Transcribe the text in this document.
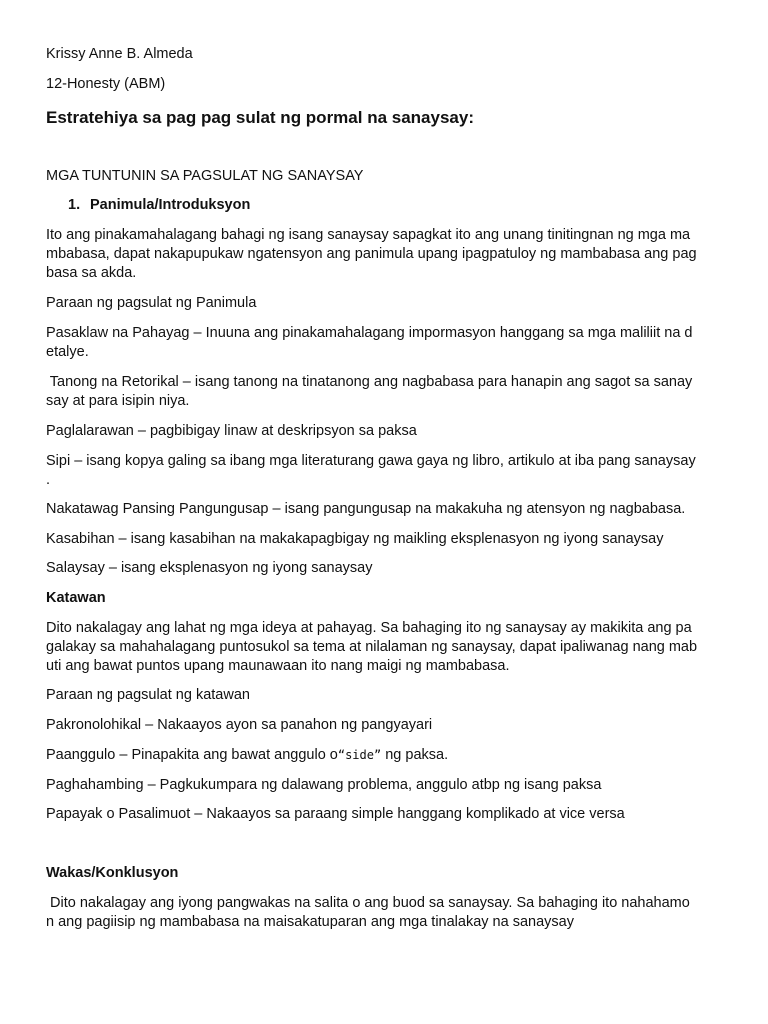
Krissy Anne B. Almeda

12-Honesty (ABM)

Estratehiya sa pag pag sulat ng pormal na sanaysay:

MGA TUNTUNIN SA PAGSULAT NG SANAYSAY

1. Panimula/Introduksyon

Ito ang pinakamahalagang bahagi ng isang sanaysay sapagkat ito ang unang tinitingnan ng mga ma

mbabasa, dapat nakapupukaw ngatensyon ang panimula upang ipagpatuloy ng mambabasa ang pag

basa sa akda.

Paraan ng pagsulat ng Panimula

Pasaklaw na Pahayag – Inuuna ang pinakamahalagang impormasyon hanggang sa mga maliliit na d

etalye.

Tanong na Retorikal – isang tanong na tinatanong ang nagbabasa para hanapin ang sagot sa sanay

say at para isipin niya.

Paglalarawan – pagbibigay linaw at deskripsyon sa paksa

Sipi – isang kopya galing sa ibang mga literaturang gawa gaya ng libro, artikulo at iba pang sanaysay

.

Nakatawag Pansing Pangungusap – isang pangungusap na makakuha ng atensyon ng nagbabasa.

Kasabihan – isang kasabihan na makakapagbigay ng maikling eksplenasyon ng iyong sanaysay

Salaysay – isang eksplenasyon ng iyong sanaysay

Katawan

Dito nakalagay ang lahat ng mga ideya at pahayag. Sa bahaging ito ng sanaysay ay makikita ang pa

galakay sa mahahalagang puntosukol sa tema at nilalaman ng sanaysay, dapat ipaliwanag nang mab

uti ang bawat puntos upang maunawaan ito nang maigi ng mambabasa.

Paraan ng pagsulat ng katawan

Pakronolohikal – Nakaayos ayon sa panahon ng pangyayari

Paanggulo – Pinapakita ang bawat anggulo o“side” ng paksa.

Paghahambing – Pagkukumpara ng dalawang problema, anggulo atbp ng isang paksa

Papayak o Pasalimuot – Nakaayos sa paraang simple hanggang komplikado at vice versa

Wakas/Konklusyon

Dito nakalagay ang iyong pangwakas na salita o ang buod sa sanaysay. Sa bahaging ito nahahamo

n ang pagiisip ng mambabasa na maisakatuparan ang mga tinalakay na sanaysay
